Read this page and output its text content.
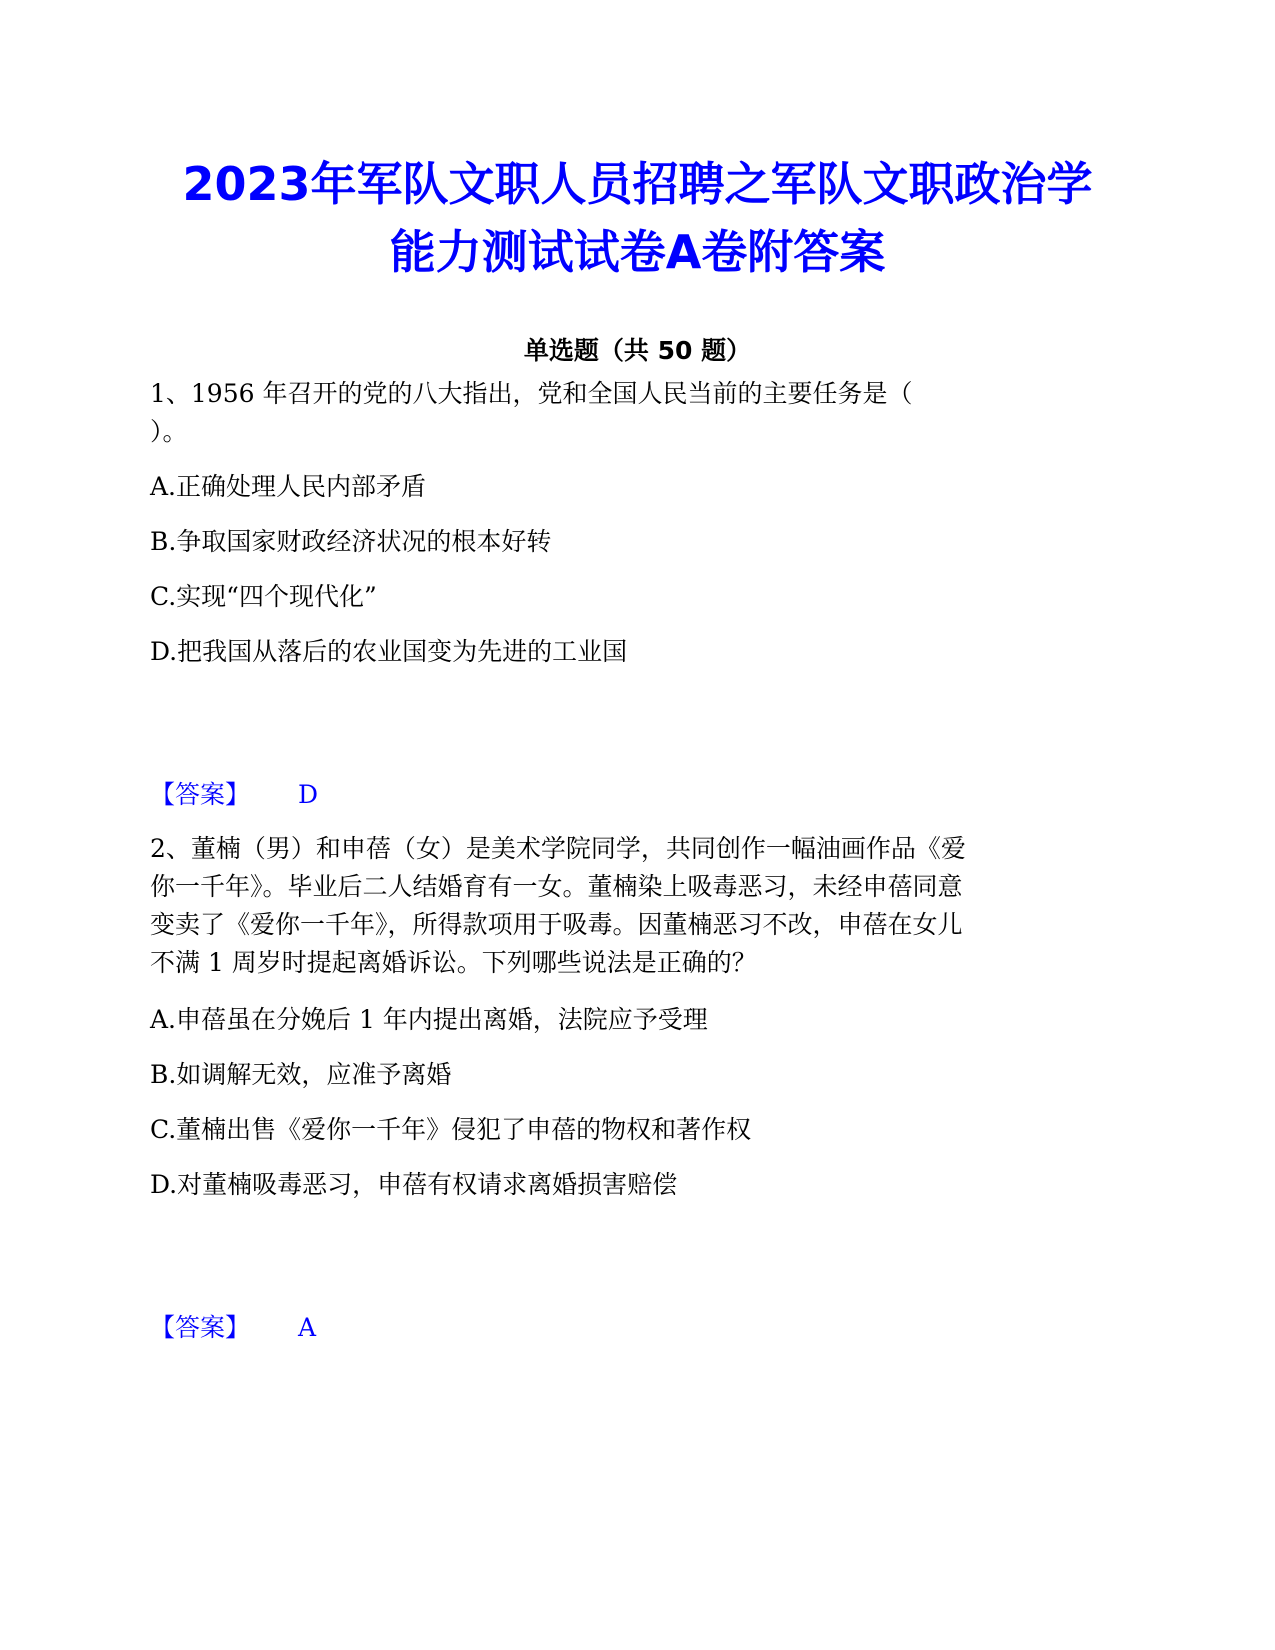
2023年军队文职人员招聘之军队文职政治学
能力测试试卷A卷附答案

单选题（共 50 题）

1、1956 年召开的党的八大指出，党和全国人民当前的主要任务是（

）。

A.正确处理人民内部矛盾

B.争取国家财政经济状况的根本好转

C.实现“四个现代化”

D.把我国从落后的农业国变为先进的工业国

【答案】 D

2、董楠（男）和申蓓（女）是美术学院同学，共同创作一幅油画作品《爱

你一千年》。毕业后二人结婚育有一女。董楠染上吸毒恶习，未经申蓓同意

变卖了《爱你一千年》，所得款项用于吸毒。因董楠恶习不改，申蓓在女儿

不满 1 周岁时提起离婚诉讼。下列哪些说法是正确的？

A.申蓓虽在分娩后 1 年内提出离婚，法院应予受理

B.如调解无效，应准予离婚

C.董楠出售《爱你一千年》侵犯了申蓓的物权和著作权

D.对董楠吸毒恶习，申蓓有权请求离婚损害赔偿

【答案】 A
